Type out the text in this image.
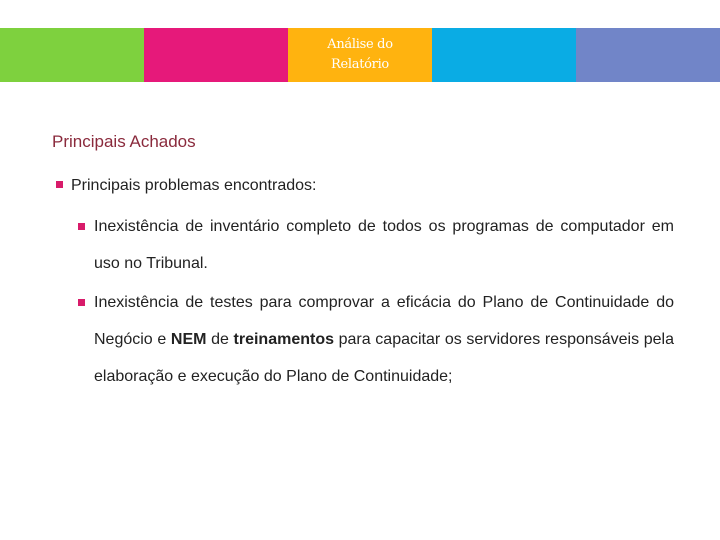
Análise do
Relatório
Principais Achados
Principais problemas encontrados:
Inexistência de inventário completo de todos os programas de computador em uso no Tribunal.
Inexistência de testes para comprovar a eficácia do Plano de Continuidade do Negócio e NEM de treinamentos para capacitar os servidores responsáveis pela elaboração e execução do Plano de Continuidade;
